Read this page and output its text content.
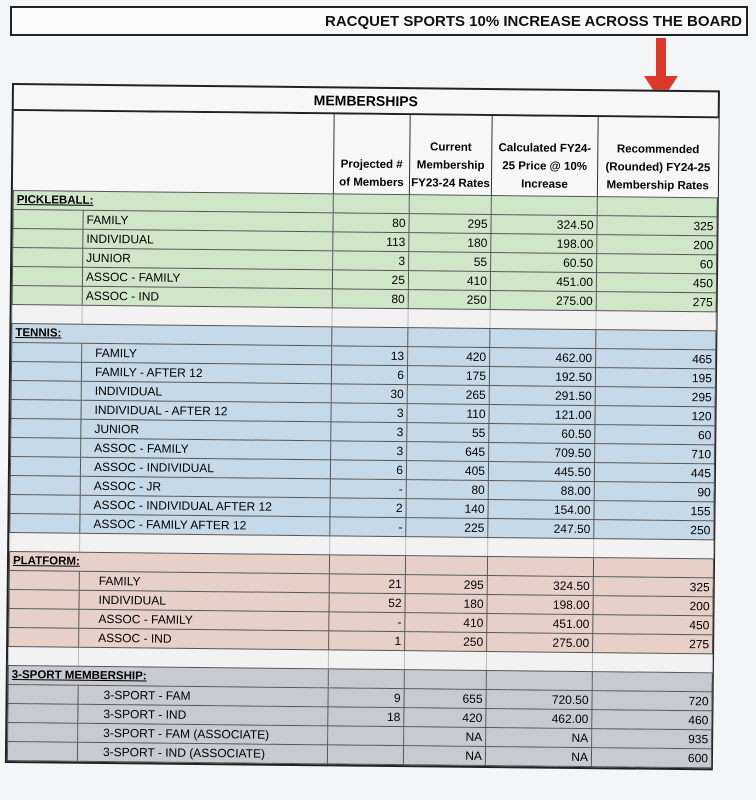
RACQUET SPORTS 10% INCREASE ACROSS THE BOARD
MEMBERSHIPS
		Projected # of Members	Current Membership FY23-24 Rates	Calculated FY24-25 Price @ 10% Increase	Recommended (Rounded) FY24-25 Membership Rates
PICKLEBALL:					
	FAMILY	80	295	324.50	325
	INDIVIDUAL	113	180	198.00	200
	JUNIOR	3	55	60.50	60
	ASSOC - FAMILY	25	410	451.00	450
	ASSOC - IND	80	250	275.00	275

TENNIS:					
	FAMILY	13	420	462.00	465
	FAMILY - AFTER 12	6	175	192.50	195
	INDIVIDUAL	30	265	291.50	295
	INDIVIDUAL - AFTER 12	3	110	121.00	120
	JUNIOR	3	55	60.50	60
	ASSOC - FAMILY	3	645	709.50	710
	ASSOC - INDIVIDUAL	6	405	445.50	445
	ASSOC - JR	-	80	88.00	90
	ASSOC - INDIVIDUAL AFTER 12	2	140	154.00	155
	ASSOC - FAMILY AFTER 12	-	225	247.50	250

PLATFORM:					
	FAMILY	21	295	324.50	325
	INDIVIDUAL	52	180	198.00	200
	ASSOC - FAMILY	-	410	451.00	450
	ASSOC - IND	1	250	275.00	275

3-SPORT MEMBERSHIP:					
	3-SPORT - FAM	9	655	720.50	720
	3-SPORT - IND	18	420	462.00	460
	3-SPORT - FAM (ASSOCIATE)		NA	NA	935
	3-SPORT - IND (ASSOCIATE)		NA	NA	600
